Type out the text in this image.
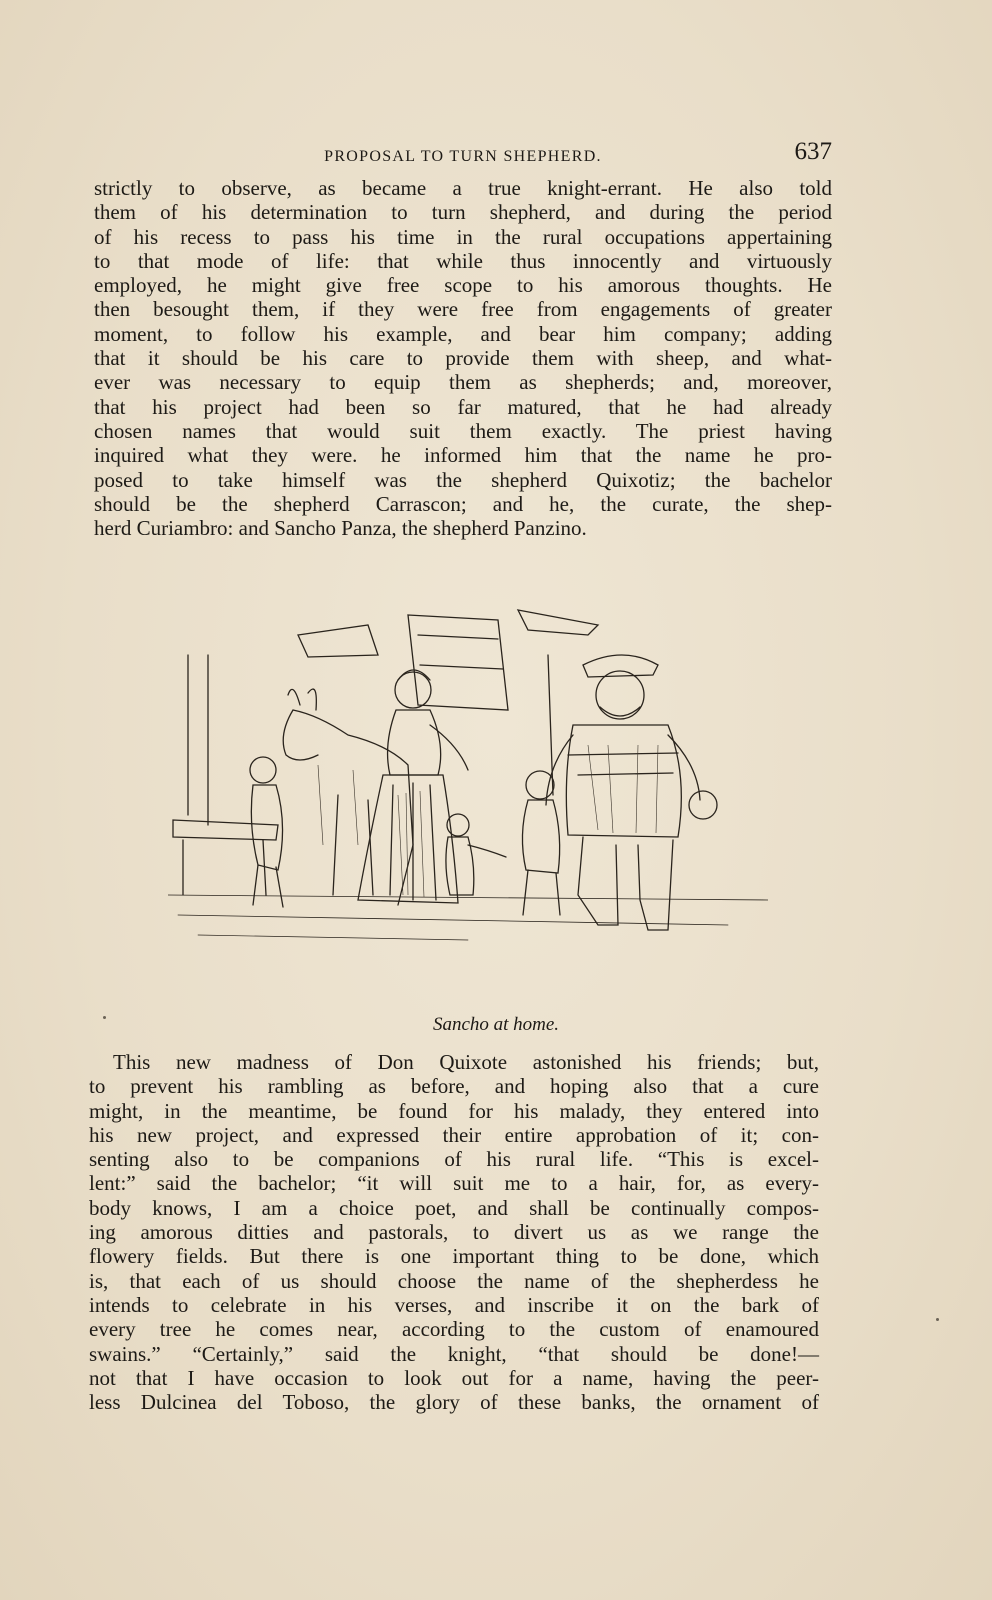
PROPOSAL TO TURN SHEPHERD.	637
strictly to observe, as became a true knight-errant. He also told
them of his determination to turn shepherd, and during the period
of his recess to pass his time in the rural occupations appertaining
to that mode of life: that while thus innocently and virtuously
employed, he might give free scope to his amorous thoughts. He
then besought them, if they were free from engagements of greater
moment, to follow his example, and bear him company; adding
that it should be his care to provide them with sheep, and what-
ever was necessary to equip them as shepherds; and, moreover,
that his project had been so far matured, that he had already
chosen names that would suit them exactly. The priest having
inquired what they were. he informed him that the name he pro-
posed to take himself was the shepherd Quixotiz; the bachelor
should be the shepherd Carrascon; and he, the curate, the shep-
herd Curiambro: and Sancho Panza, the shepherd Panzino.
Sancho at home.
This new madness of Don Quixote astonished his friends; but,
to prevent his rambling as before, and hoping also that a cure
might, in the meantime, be found for his malady, they entered into
his new project, and expressed their entire approbation of it; con-
senting also to be companions of his rural life. “This is excel-
lent:” said the bachelor; “it will suit me to a hair, for, as every-
body knows, I am a choice poet, and shall be continually compos-
ing amorous ditties and pastorals, to divert us as we range the
flowery fields. But there is one important thing to be done, which
is, that each of us should choose the name of the shepherdess he
intends to celebrate in his verses, and inscribe it on the bark of
every tree he comes near, according to the custom of enamoured
swains.” “Certainly,” said the knight, “that should be done!—
not that I have occasion to look out for a name, having the peer-
less Dulcinea del Toboso, the glory of these banks, the ornament of
